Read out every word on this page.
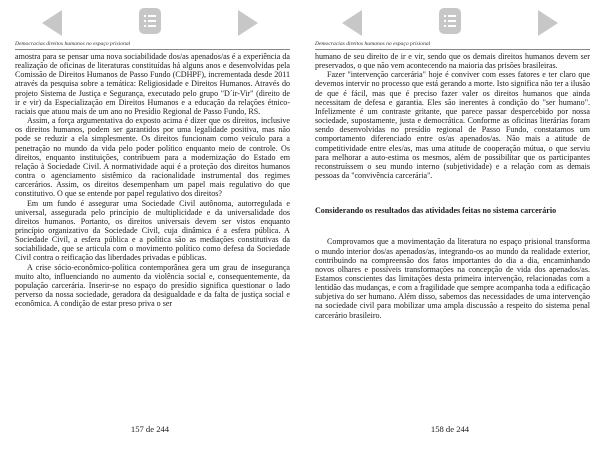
Democracias direitos humanos no espaço prisional

amostra para se pensar uma nova sociabilidade dos/as apenados/as é a experiência da realização de oficinas de literaturas constituídas há alguns anos e desenvolvidas pela Comissão de Direitos Humanos de Passo Fundo (CDHPF), incrementada desde 2011 através da pesquisa sobre a temática: Religiosidade e Direitos Humanos. Através do projeto Sistema de Justiça e Segurança, executado pelo grupo "D´ir-Vir" (direito de ir e vir) da Especialização em Direitos Humanos e a educação da relações étnico-raciais que atuou mais de um ano no Presídio Regional de Passo Fundo, RS.

Assim, a força argumentativa do exposto acima é dizer que os direitos, inclusive os direitos humanos, podem ser garantidos por uma legalidade positiva, mas não pode se reduzir a ela simplesmente. Os direitos funcionam como veículo para a penetração no mundo da vida pelo poder político enquanto meio de controle. Os direitos, enquanto instituições, contribuem para a modernização do Estado em relação à Sociedade Civil. A normatividade aqui é a proteção dos direitos humanos contra o agenciamento sistêmico da racionalidade instrumental dos regimes carcerários. Assim, os direitos desempenham um papel mais regulativo do que constitutivo. O que se entende por papel regulativo dos direitos?

Em um fundo é assegurar uma Sociedade Civil autônoma, autorregulada e universal, assegurada pelo princípio de multiplicidade e da universalidade dos direitos humanos. Portanto, os direitos universais devem ser vistos enquanto princípio organizativo da Sociedade Civil, cuja dinâmica é a esfera pública. A Sociedade Civil, a esfera pública e a política são as mediações constitutivas da sociabilidade, que se articula com o movimento político como defesa da Sociedade Civil contra o reificação das liberdades privadas e públicas.

A crise sócio-econômico-política contemporânea gera um grau de insegurança muito alto, influenciando no aumento da violência social e, consequentemente, da população carcerária. Inserir-se no espaço do presídio significa questionar o lado perverso da nossa sociedade, geradora da desigualdade e da falta de justiça social e econômica. A condição de estar preso priva o ser

157 de 244
Democracias direitos humanos no espaço prisional

humano de seu direito de ir e vir, sendo que os demais direitos humanos devem ser preservados, o que não vem acontecendo na maioria das prisões brasileiras.

Fazer "intervenção carcerária" hoje é conviver com esses fatores e ter claro que devemos intervir no processo que está gerando a morte. Isto significa não ter a ilusão de que é fácil, mas que é preciso fazer valer os direitos humanos que ainda necessitam de defesa e garantia. Eles são inerentes à condição do "ser humano". Infelizmente é um contraste gritante, que parece passar despercebido por nossa sociedade, supostamente, justa e democrática. Conforme as oficinas literárias foram sendo desenvolvidas no presídio regional de Passo Fundo, constatamos um comportamento diferenciado entre os/as apenados/as. Não mais a atitude de competitividade entre eles/as, mas uma atitude de cooperação mútua, o que serviu para melhorar a auto-estima os mesmos, além de possibilitar que os participantes reconstruíssem o seu mundo interno (subjetividade) e a relação com as demais pessoas da "convivência carcerária".

Considerando os resultados das atividades feitas no sistema carcerário

Comprovamos que a movimentação da literatura no espaço prisional transforma o mundo interior dos/as apenados/as, integrando-os ao mundo da realidade exterior, contribuindo na compreensão dos fatos importantes do dia a dia, encaminhando novos olhares e possíveis transformações na concepção de vida dos apenados/as. Estamos conscientes das limitações desta primeira intervenção, relacionadas com a lentidão das mudanças, e com a fragilidade que sempre acompanha toda a edificação subjetiva do ser humano. Além disso, sabemos das necessidades de uma intervenção na sociedade civil para mobilizar uma ampla discussão a respeito do sistema penal carcerário brasileiro.

158 de 244
